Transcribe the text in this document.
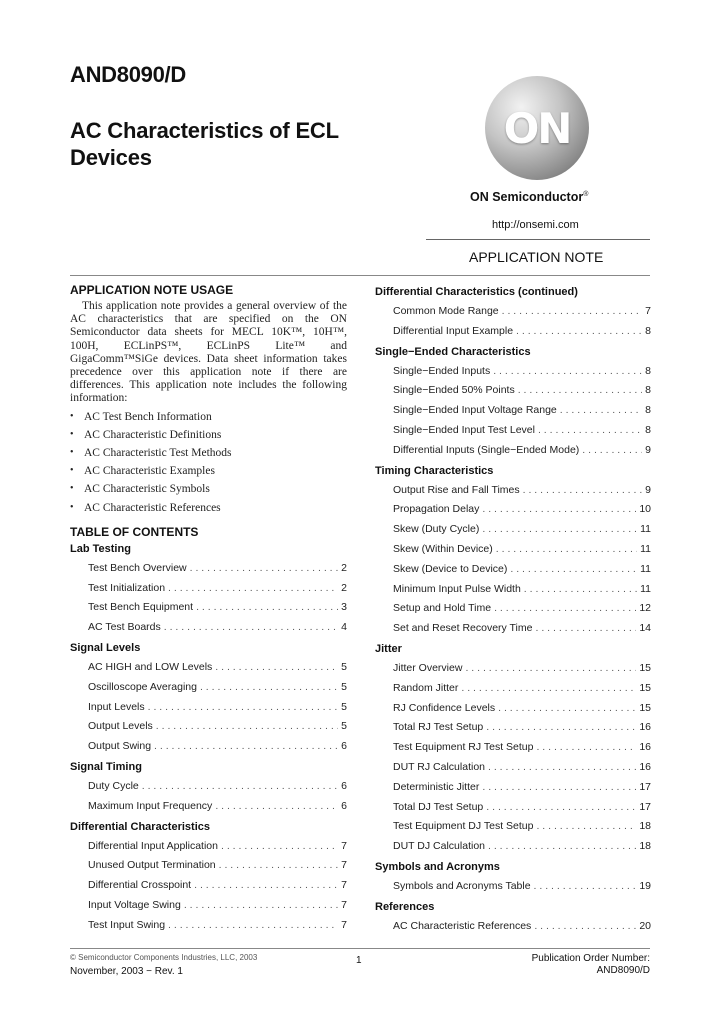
AND8090/D
AC Characteristics of ECL
Devices
ON
ON Semiconductor®
http://onsemi.com
APPLICATION NOTE
APPLICATION NOTE USAGE

This application note provides a general overview of the AC characteristics that are specified on the ON Semiconductor data sheets for MECL 10K™, 10H™, 100H, ECLinPS™, ECLinPS Lite™ and GigaComm™SiGe devices. Data sheet information takes precedence over this application note if there are differences. This application note includes the following information:

• AC Test Bench Information
• AC Characteristic Definitions
• AC Characteristic Test Methods
• AC Characteristic Examples
• AC Characteristic Symbols
• AC Characteristic References
TABLE OF CONTENTS
Lab Testing
Test Bench Overview . . .	2
Test Initialization . . .	2
Test Bench Equipment . . .	3
AC Test Boards . . .	4
Signal Levels
AC HIGH and LOW Levels . . .	5
Oscilloscope Averaging . . .	5
Input Levels . . .	5
Output Levels . . .	5
Output Swing . . .	6
Signal Timing
Duty Cycle . . .	6
Maximum Input Frequency . . .	6
Differential Characteristics
Differential Input Application . . .	7
Unused Output Termination . . .	7
Differential Crosspoint . . .	7
Input Voltage Swing . . .	7
Test Input Swing . . .	7
Differential Characteristics (continued)
Common Mode Range . . .	7
Differential Input Example . . .	8
Single−Ended Characteristics
Single−Ended Inputs . . .	8
Single−Ended 50% Points . . .	8
Single−Ended Input Voltage Range . . .	8
Single−Ended Input Test Level . . .	8
Differential Inputs (Single−Ended Mode) . . .	9
Timing Characteristics
Output Rise and Fall Times . . .	9
Propagation Delay . . .	10
Skew (Duty Cycle) . . .	11
Skew (Within Device) . . .	11
Skew (Device to Device) . . .	11
Minimum Input Pulse Width . . .	11
Setup and Hold Time . . .	12
Set and Reset Recovery Time . . .	14
Jitter
Jitter Overview . . .	15
Random Jitter . . .	15
RJ Confidence Levels . . .	15
Total RJ Test Setup . . .	16
Test Equipment RJ Test Setup . . .	16
DUT RJ Calculation . . .	16
Deterministic Jitter . . .	17
Total DJ Test Setup . . .	17
Test Equipment DJ Test Setup . . .	18
DUT DJ Calculation . . .	18
Symbols and Acronyms
Symbols and Acronyms Table . . .	19
References
AC Characteristic References . . .	20
© Semiconductor Components Industries, LLC, 2003
November, 2003 − Rev. 1
1	Publication Order Number:
AND8090/D
